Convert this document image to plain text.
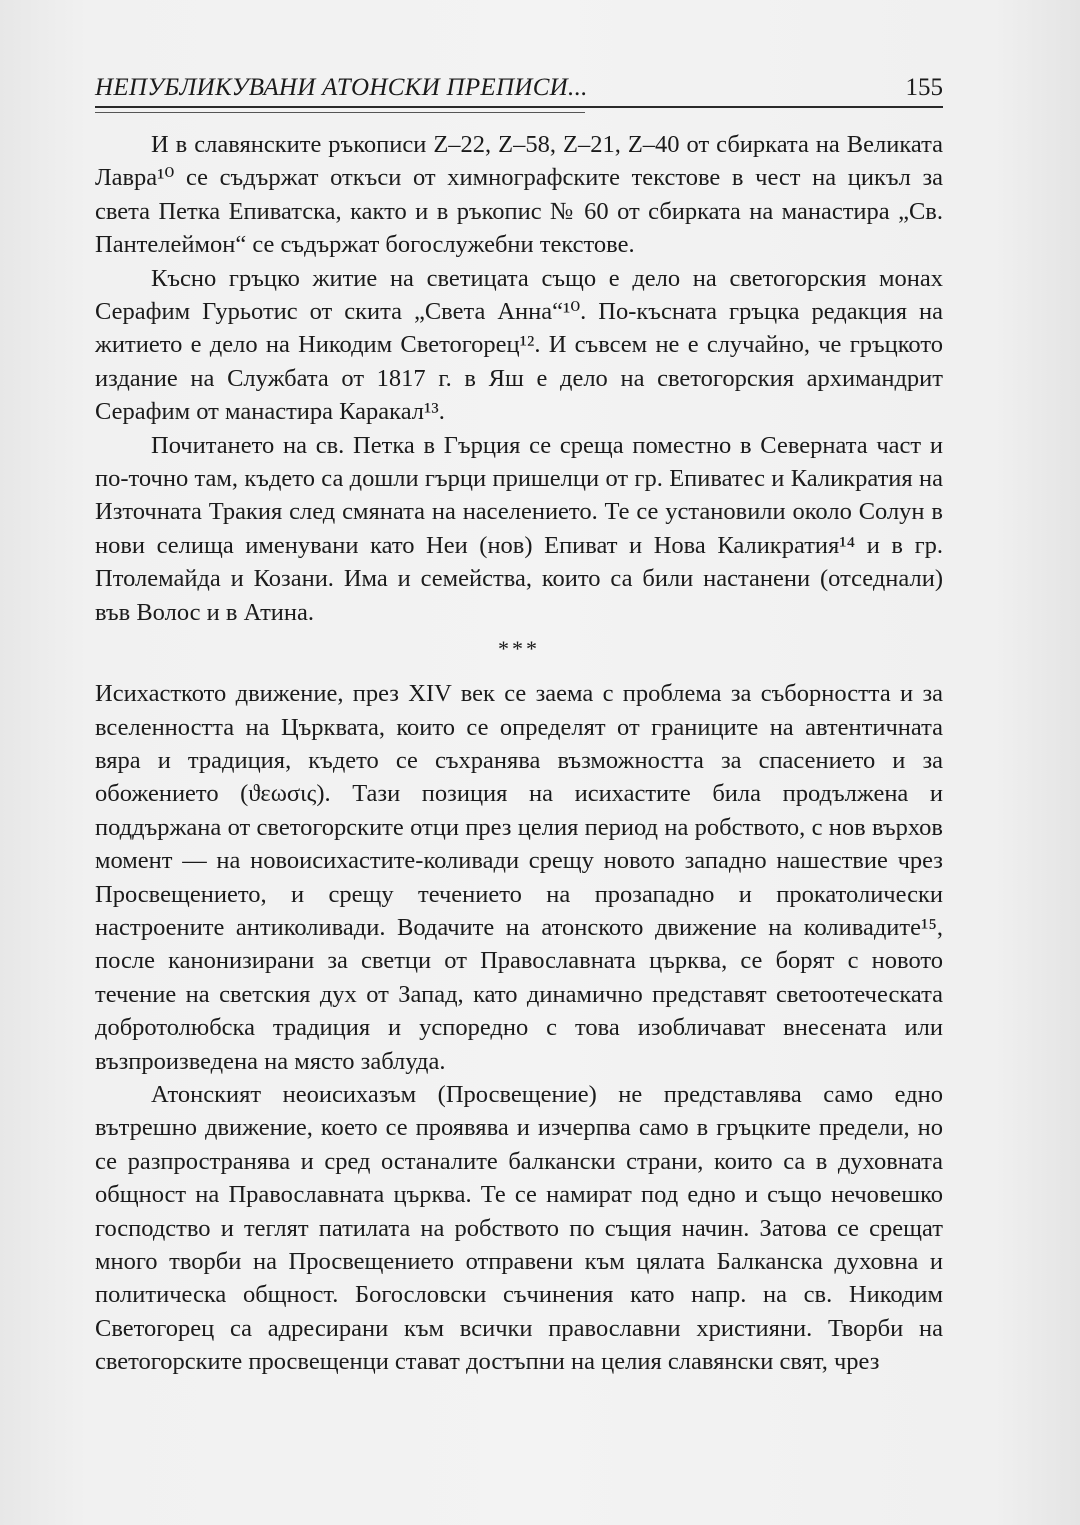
НЕПУБЛИКУВАНИ АТОНСКИ ПРЕПИСИ...	155

И в славянските ръкописи Z–22, Z–58, Z–21, Z–40 от сбирката на Великата Лавра¹⁰ се съдържат откъси от химнографските текстове в чест на цикъл за света Петка Епиватска, както и в ръкопис № 60 от сбирката на манастира „Св. Пантелеймон“ се съдържат богослужебни текстове.

Късно гръцко житие на светицата също е дело на светогорския монах Серафим Гурьотис от скита „Света Анна“¹⁰. По-късната гръцка редакция на житието е дело на Никодим Светогорец¹². И съвсем не е случайно, че гръцкото издание на Службата от 1817 г. в Яш е дело на светогорския архимандрит Серафим от манастира Каракал¹³.

Почитането на св. Петка в Гърция се среща поместно в Северната част и по-точно там, където са дошли гърци пришелци от гр. Епиватес и Каликратия на Източната Тракия след смяната на населението. Те се установили около Солун в нови селища именувани като Неи (нов) Епиват и Нова Каликратия¹⁴ и в гр. Птолемайда и Козани. Има и семейства, които са били настанени (отседнали) във Волос и в Атина.

***

Исихасткото движение, през XIV век се заема с проблема за съборността и за вселенността на Църквата, които се определят от границите на автентичната вяра и традиция, където се съхранява възможността за спасението и за обожението (ϑεωσις). Тази позиция на исихастите била продължена и поддържана от светогорските отци през целия период на робството, с нов върхов момент — на новоисихастите-коливади срещу новото западно нашествие чрез Просвещението, и срещу течението на прозападно и прокатолически настроените антиколивади. Водачите на атонското движение на коливадите¹⁵, после канонизирани за светци от Православната църква, се борят с новото течение на светския дух от Запад, като динамично представят светоотеческата добротолюбска традиция и успоредно с това изобличават внесената или възпроизведена на място заблуда.

Атонският неоисихазъм (Просвещение) не представлява само едно вътрешно движение, което се проявява и изчерпва само в гръцките предели, но се разпространява и сред останалите балкански страни, които са в духовната общност на Православната църква. Те се намират под едно и също нечовешко господство и теглят патилата на робството по същия начин. Затова се срещат много творби на Просвещението отправени към цялата Балканска духовна и политическа общност. Богословски съчинения като напр. на св. Никодим Светогорец са адресирани към всички православни християни. Творби на светогорските просвещенци стават достъпни на целия славянски свят, чрез
